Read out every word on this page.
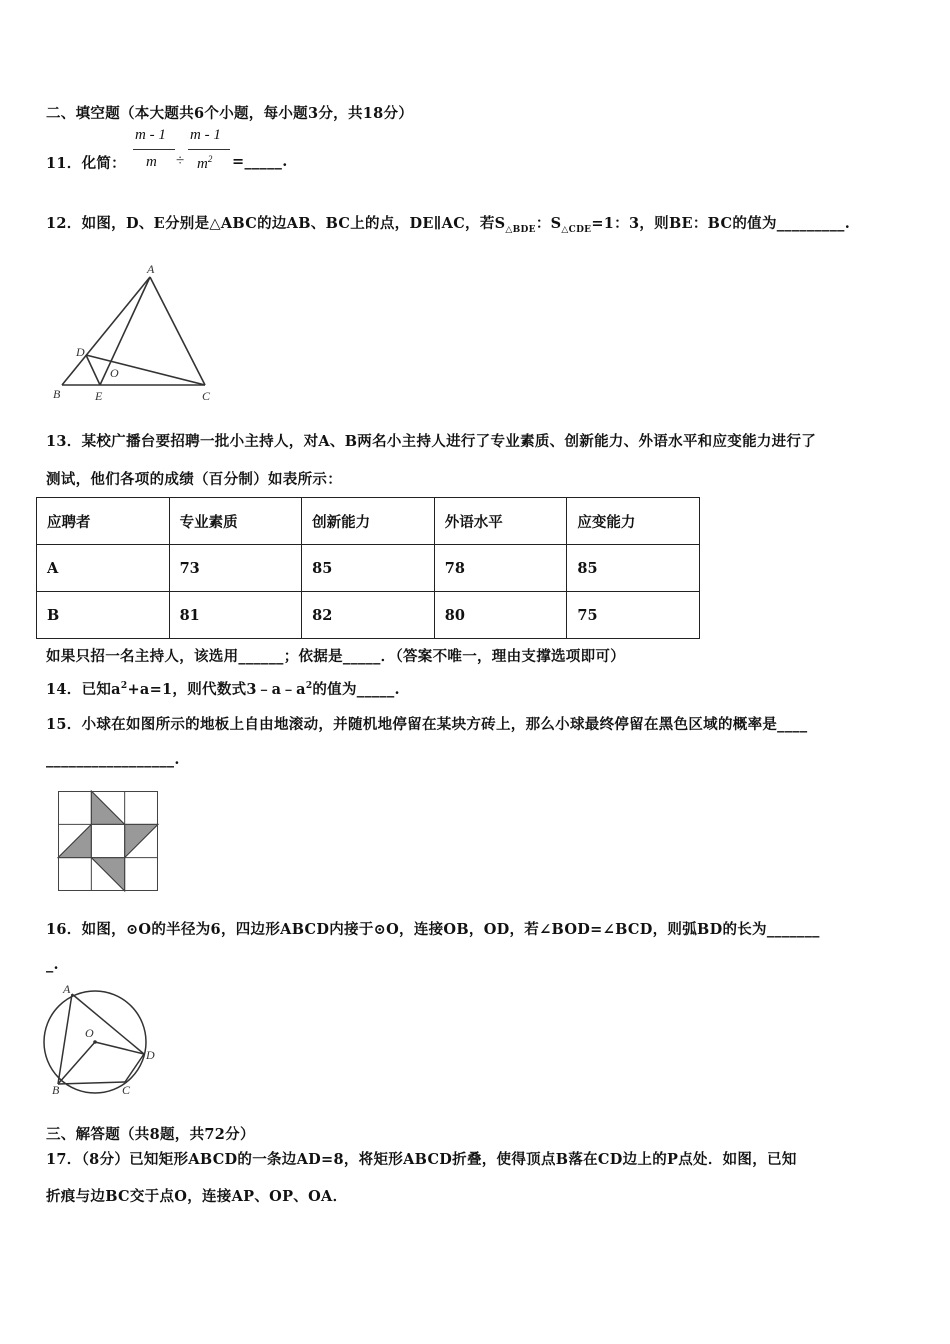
二、填空题（本大题共6个小题，每小题3分，共18分）
11．化简：
m - 1
m ÷
m - 1
$m^2$ =_____.
12．如图，D、E分别是△ABC的边AB、BC上的点，DE∥AC，若$S_{\triangle BDE}$：$S_{\triangle CDE}=1$：3，则BE：BC的值为_________.
A
D
O
B	E	C
13．某校广播台要招聘一批小主持人，对A、B两名小主持人进行了专业素质、创新能力、外语水平和应变能力进行了
测试，他们各项的成绩（百分制）如表所示：
应聘者	专业素质	创新能力	外语水平	应变能力
A	73	85	78	85
B	81	82	80	75
如果只招一名主持人，该选用______；依据是_____．（答案不唯一，理由支撑选项即可）
14．已知$a^2+a=1$，则代数式$3﹣a﹣a^2$的值为_____.
15．小球在如图所示的地板上自由地滚动，并随机地停留在某块方砖上，那么小球最终停留在黑色区域的概率是____
_________________.
16．如图，⊙O的半径为6，四边形ABCD内接于⊙O，连接OB，OD，若∠BOD=∠BCD，则弧BD的长为_______
_.
A
O
D
B	C
三、解答题（共8题，共72分）
17．（8分）已知矩形ABCD的一条边AD=8，将矩形ABCD折叠，使得顶点B落在CD边上的P点处．如图，已知
折痕与边BC交于点O，连接AP、OP、OA．
